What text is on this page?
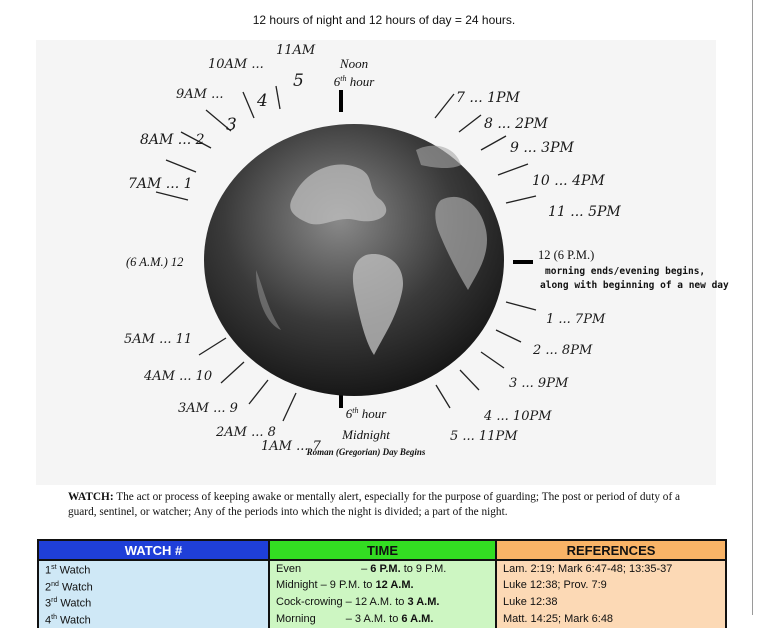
12 hours of night and 12 hours of day = 24 hours.
Noon
6th hour
6th hour
Midnight
Roman (Gregorian) Day Begins
(6 A.M.) 12	12 (6 P.M.)
11AM
5
10AM ...
4
9AM ...
3
8AM ... 2
7AM ... 1
7 ... 1PM
8 ... 2PM
9 ... 3PM
10 ... 4PM
11 ... 5PM
5AM ... 11
4AM ... 10
3AM ... 9
2AM ... 8
1AM ... 7
1 ... 7PM
2 ... 8PM
3 ... 9PM
4 ... 10PM
5 ... 11PM
morning ends/evening begins,
along with beginning of a new day
WATCH: The act or process of keeping awake or mentally alert, especially for the purpose of guarding; The post or period of duty of a guard, sentinel, or watcher; Any of the periods into which the night is divided; a part of the night.
WATCH #	TIME	REFERENCES
1st Watch	Even – 6 P.M. to 9 P.M.	Lam. 2:19; Mark 6:47-48; 13:35-37
2nd Watch	Midnight – 9 P.M. to 12 A.M.	Luke 12:38; Prov. 7:9
3rd Watch	Cock-crowing – 12 A.M. to 3 A.M.	Luke 12:38
4th Watch	Morning – 3 A.M. to 6 A.M.	Matt. 14:25; Mark 6:48
